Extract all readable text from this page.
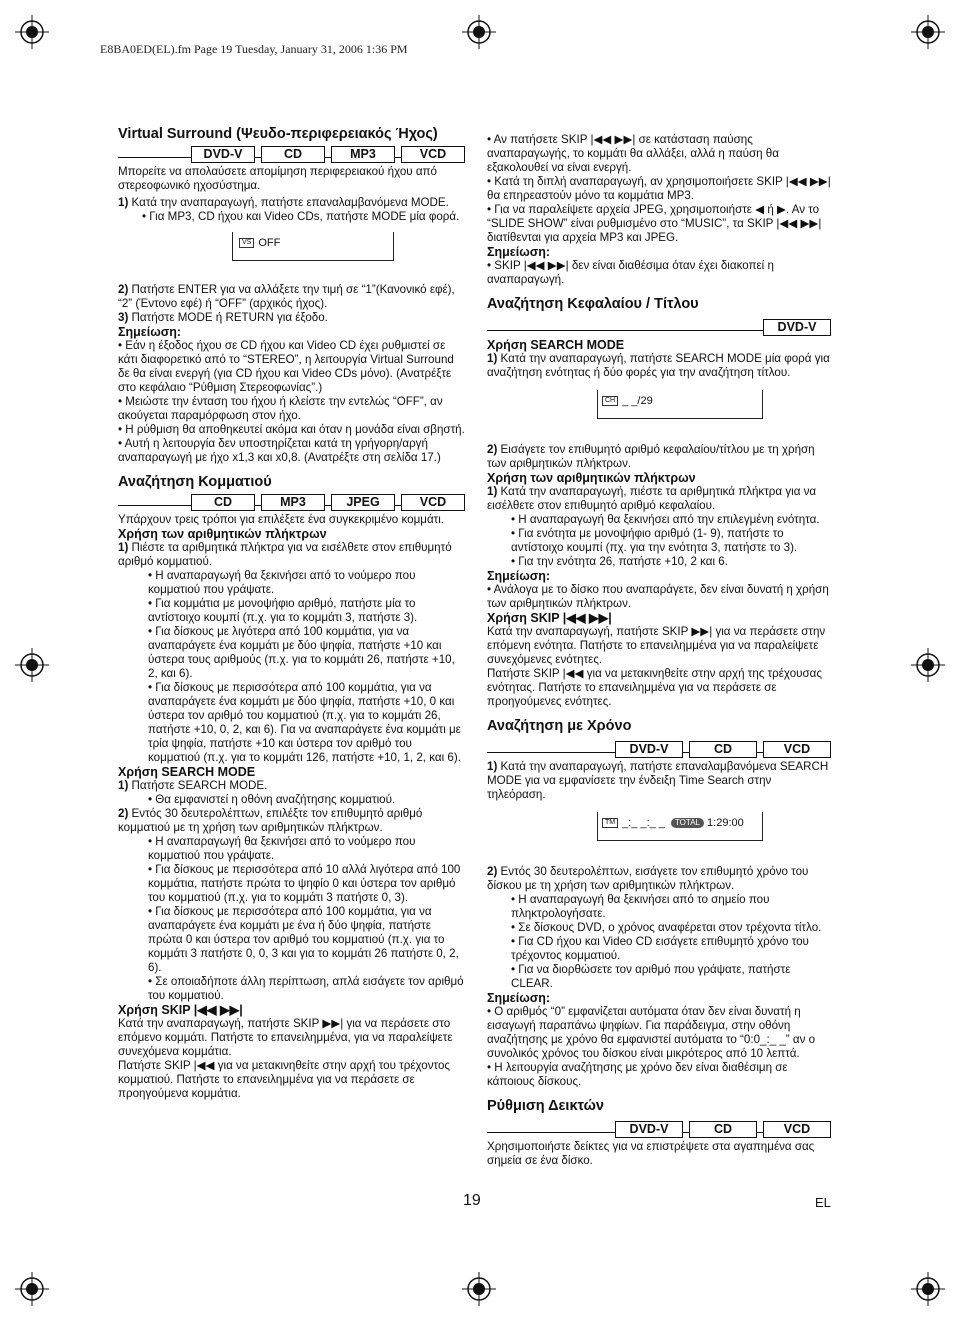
E8BA0ED(EL).fm Page 19 Tuesday, January 31, 2006 1:36 PM
Virtual Surround (Ψευδο-περιφερειακός Ήχος)
DVD-V	CD	MP3	VCD

Μπορείτε να απολαύσετε απομίμηση περιφερειακού ήχου από στερεοφωνικό ηχοσύστημα.

1) Κατά την αναπαραγωγή, πατήστε επαναλαμβανόμενα MODE.

• Για MP3, CD ήχου και Video CDs, πατήστε MODE μία φορά.

VS OFF

2) Πατήστε ENTER για να αλλάξετε την τιμή σε “1”(Κανονικό εφέ), “2” (Έντονο εφέ) ή “OFF” (αρχικός ήχος).

3) Πατήστε MODE ή RETURN για έξοδο.

Σημείωση:

• Εάν η έξοδος ήχου σε CD ήχου και Video CD έχει ρυθμιστεί σε κάτι διαφορετικό από το “STEREO”, η λειτουργία Virtual Surround δε θα είναι ενεργή (για CD ήχου και Video CDs μόνο). (Ανατρέξτε στο κεφάλαιο “Ρύθμιση Στερεοφωνίας”.)

• Μειώστε την ένταση του ήχου ή κλείστε την εντελώς “OFF”, αν ακούγεται παραμόρφωση στον ήχο.

• Η ρύθμιση θα αποθηκευτεί ακόμα και όταν η μονάδα είναι σβηστή.

• Αυτή η λειτουργία δεν υποστηρίζεται κατά τη γρήγορη/αργή αναπαραγωγή με ήχο x1,3 και x0,8. (Ανατρέξτε στη σελίδα 17.)

Αναζήτηση Κομματιού
CD	MP3	JPEG	VCD

Υπάρχουν τρεις τρόποι για επιλέξετε ένα συγκεκριμένο κομμάτι.

Χρήση των αριθμητικών πλήκτρων

1) Πιέστε τα αριθμητικά πλήκτρα για να εισέλθετε στον επιθυμητό αριθμό κομματιού.

• Η αναπαραγωγή θα ξεκινήσει από το νούμερο που κομματιού που γράψατε.

• Για κομμάτια με μονοψήφιο αριθμό, πατήστε μία το αντίστοιχο κουμπί (π.χ. για το κομμάτι 3, πατήστε 3).

• Για δίσκους με λιγότερα από 100 κομμάτια, για να αναπαράγετε ένα κομμάτι με δύο ψηφία, πατήστε +10 και ύστερα τους αριθμούς (π.χ. για το κομμάτι 26, πατήστε +10, 2, και 6).

• Για δίσκους με περισσότερα από 100 κομμάτια, για να αναπαράγετε ένα κομμάτι με δύο ψηφία, πατήστε +10, 0 και ύστερα τον αριθμό του κομματιού (π.χ. για το κομμάτι 26, πατήστε +10, 0, 2, και 6). Για να αναπαράγετε ένα κομμάτι με τρία ψηφία, πατήστε +10 και ύστερα τον αριθμό του κομματιού (π.χ. για το κομμάτι 126, πατήστε +10, 1, 2, και 6).

Χρήση SEARCH MODE

1) Πατήστε SEARCH MODE.

• Θα εμφανιστεί η οθόνη αναζήτησης κομματιού.

2) Εντός 30 δευτερολέπτων, επιλέξτε τον επιθυμητό αριθμό κομματιού με τη χρήση των αριθμητικών πλήκτρων.

• Η αναπαραγωγή θα ξεκινήσει από το νούμερο που κομματιού που γράψατε.

• Για δίσκους με περισσότερα από 10 αλλά λιγότερα από 100 κομμάτια, πατήστε πρώτα το ψηφίο 0 και ύστερα τον αριθμό του κομματιού (π.χ. για το κομμάτι 3 πατήστε 0, 3).

• Για δίσκους με περισσότερα από 100 κομμάτια, για να αναπαράγετε ένα κομμάτι με ένα ή δύο ψηφία, πατήστε πρώτα 0 και ύστερα τον αριθμό του κομματιού (π.χ. για το κομμάτι 3 πατήστε 0, 0, 3 και για το κομμάτι 26 πατήστε 0, 2, 6).

• Σε οποιαδήποτε άλλη περίπτωση, απλά εισάγετε τον αριθμό του κομματιού.

Χρήση SKIP |◀◀ ▶▶|

Κατά την αναπαραγωγή, πατήστε SKIP ▶▶| για να περάσετε στο επόμενο κομμάτι. Πατήστε το επανειλημμένα, για να παραλείψετε συνεχόμενα κομμάτια.

Πατήστε SKIP |◀◀ για να μετακινηθείτε στην αρχή του τρέχοντος κομματιού. Πατήστε το επανειλημμένα για να περάσετε σε προηγούμενα κομμάτια.

• Αν πατήσετε SKIP |◀◀ ▶▶| σε κατάσταση παύσης αναπαραγωγής, το κομμάτι θα αλλάξει, αλλά η παύση θα εξακολουθεί να είναι ενεργή.

• Κατά τη διπλή αναπαραγωγή, αν χρησιμοποιήσετε SKIP |◀◀ ▶▶| θα επηρεαστούν μόνο τα κομμάτια MP3.

• Για να παραλείψετε αρχεία JPEG, χρησιμοποιήστε ◀ ή ▶. Αν το “SLIDE SHOW” είναι ρυθμισμένο στο “MUSIC”, τα SKIP |◀◀ ▶▶| διατίθενται για αρχεία MP3 και JPEG.

Σημείωση:

• SKIP |◀◀ ▶▶| δεν είναι διαθέσιμα όταν έχει διακοπεί η αναπαραγωγή.

Αναζήτηση Κεφαλαίου / Τίτλου
DVD-V

Χρήση SEARCH MODE

1) Κατά την αναπαραγωγή, πατήστε SEARCH MODE μία φορά για αναζήτηση ενότητας ή δύο φορές για την αναζήτηση τίτλου.

CH _ _/29

2) Εισάγετε τον επιθυμητό αριθμό κεφαλαίου/τίτλου με τη χρήση των αριθμητικών πλήκτρων.

Χρήση των αριθμητικών πλήκτρων

1) Κατά την αναπαραγωγή, πιέστε τα αριθμητικά πλήκτρα για να εισέλθετε στον επιθυμητό αριθμό κεφαλαίου.

• Η αναπαραγωγή θα ξεκινήσει από την επιλεγμένη ενότητα.

• Για ενότητα με μονοψήφιο αριθμό (1- 9), πατήστε το αντίστοιχο κουμπί (πχ. για την ενότητα 3, πατήστε το 3).

• Για την ενότητα 26, πατήστε +10, 2 και 6.

Σημείωση:

• Ανάλογα με το δίσκο που αναπαράγετε, δεν είναι δυνατή η χρήση των αριθμητικών πλήκτρων.

Χρήση SKIP |◀◀ ▶▶|

Κατά την αναπαραγωγή, πατήστε SKIP ▶▶| για να περάσετε στην επόμενη ενότητα. Πατήστε το επανειλημμένα για να παραλείψετε συνεχόμενες ενότητες.

Πατήστε SKIP |◀◀ για να μετακινηθείτε στην αρχή της τρέχουσας ενότητας. Πατήστε το επανειλημμένα για να περάσετε σε προηγούμενες ενότητες.

Αναζήτηση με Χρόνο
DVD-V	CD	VCD

1) Κατά την αναπαραγωγή, πατήστε επαναλαμβανόμενα SEARCH MODE για να εμφανίσετε την ένδειξη Time Search στην τηλεόραση.

TM _:_ _:_ _ TOTAL 1:29:00

2) Εντός 30 δευτερολέπτων, εισάγετε τον επιθυμητό χρόνο του δίσκου με τη χρήση των αριθμητικών πλήκτρων.

• Η αναπαραγωγή θα ξεκινήσει από το σημείο που πληκτρολογήσατε.

• Σε δίσκους DVD, ο χρόνος αναφέρεται στον τρέχοντα τίτλο.

• Για CD ήχου και Video CD εισάγετε επιθυμητό χρόνο του τρέχοντος κομματιού.

• Για να διορθώσετε τον αριθμό που γράψατε, πατήστε CLEAR.

Σημείωση:

• Ο αριθμός “0” εμφανίζεται αυτόματα όταν δεν είναι δυνατή η εισαγωγή παραπάνω ψηφίων. Για παράδειγμα, στην οθόνη αναζήτησης με χρόνο θα εμφανιστεί αυτόματα το “0:0_:_ _” αν ο συνολικός χρόνος του δίσκου είναι μικρότερος από 10 λεπτά.

• Η λειτουργία αναζήτησης με χρόνο δεν είναι διαθέσιμη σε κάποιους δίσκους.

Ρύθμιση Δεικτών
DVD-V	CD	VCD

Χρησιμοποιήστε δείκτες για να επιστρέψετε στα αγαπημένα σας σημεία σε ένα δίσκο.

19	EL
